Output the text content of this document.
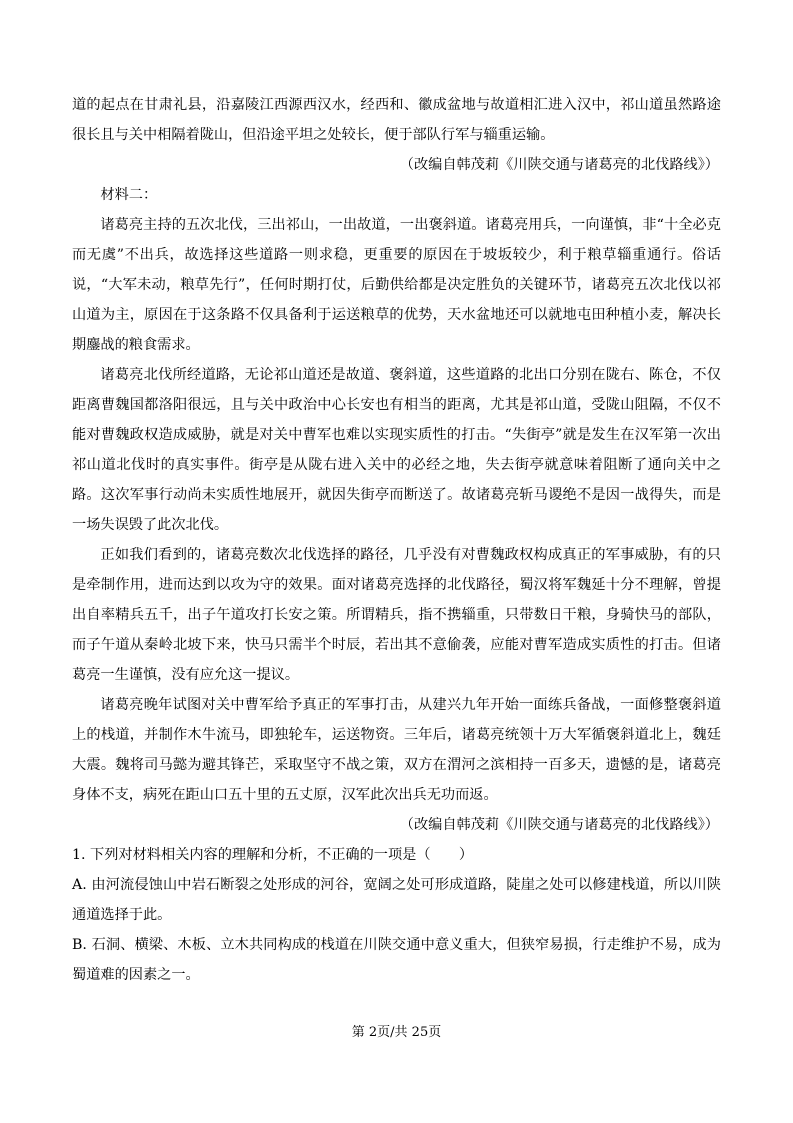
道的起点在甘肃礼县，沿嘉陵江西源西汉水，经西和、徽成盆地与故道相汇进入汉中，祁山道虽然路途很长且与关中相隔着陇山，但沿途平坦之处较长，便于部队行军与辎重运输。

（改编自韩茂莉《川陕交通与诸葛亮的北伐路线》）

材料二：

诸葛亮主持的五次北伐，三出祁山，一出故道，一出褒斜道。诸葛亮用兵，一向谨慎，非“十全必克而无虞”不出兵，故选择这些道路一则求稳，更重要的原因在于坡坂较少，利于粮草辎重通行。俗话说，“大军未动，粮草先行”，任何时期打仗，后勤供给都是决定胜负的关键环节，诸葛亮五次北伐以祁山道为主，原因在于这条路不仅具备利于运送粮草的优势，天水盆地还可以就地屯田种植小麦，解决长期鏖战的粮食需求。

诸葛亮北伐所经道路，无论祁山道还是故道、褒斜道，这些道路的北出口分别在陇右、陈仓，不仅距离曹魏国都洛阳很远，且与关中政治中心长安也有相当的距离，尤其是祁山道，受陇山阻隔，不仅不能对曹魏政权造成威胁，就是对关中曹军也难以实现实质性的打击。“失街亭”就是发生在汉军第一次出祁山道北伐时的真实事件。街亭是从陇右进入关中的必经之地，失去街亭就意味着阻断了通向关中之路。这次军事行动尚未实质性地展开，就因失街亭而断送了。故诸葛亮斩马谡绝不是因一战得失，而是一场失误毁了此次北伐。

正如我们看到的，诸葛亮数次北伐选择的路径，几乎没有对曹魏政权构成真正的军事威胁，有的只是牵制作用，进而达到以攻为守的效果。面对诸葛亮选择的北伐路径，蜀汉将军魏延十分不理解，曾提出自率精兵五千，出子午道攻打长安之策。所谓精兵，指不携辎重，只带数日干粮，身骑快马的部队，而子午道从秦岭北坡下来，快马只需半个时辰，若出其不意偷袭，应能对曹军造成实质性的打击。但诸葛亮一生谨慎，没有应允这一提议。

诸葛亮晚年试图对关中曹军给予真正的军事打击，从建兴九年开始一面练兵备战，一面修整褒斜道上的栈道，并制作木牛流马，即独轮车，运送物资。三年后，诸葛亮统领十万大军循褒斜道北上，魏廷大震。魏将司马懿为避其锋芒，采取坚守不战之策，双方在渭河之滨相持一百多天，遗憾的是，诸葛亮身体不支，病死在距山口五十里的五丈原，汉军此次出兵无功而返。

（改编自韩茂莉《川陕交通与诸葛亮的北伐路线》）

1. 下列对材料相关内容的理解和分析，不正确的一项是（　　）

A. 由河流侵蚀山中岩石断裂之处形成的河谷，宽阔之处可形成道路，陡崖之处可以修建栈道，所以川陕通道选择于此。

B. 石洞、横梁、木板、立木共同构成的栈道在川陕交通中意义重大，但狭窄易损，行走维护不易，成为蜀道难的因素之一。

第 2页/共 25页
